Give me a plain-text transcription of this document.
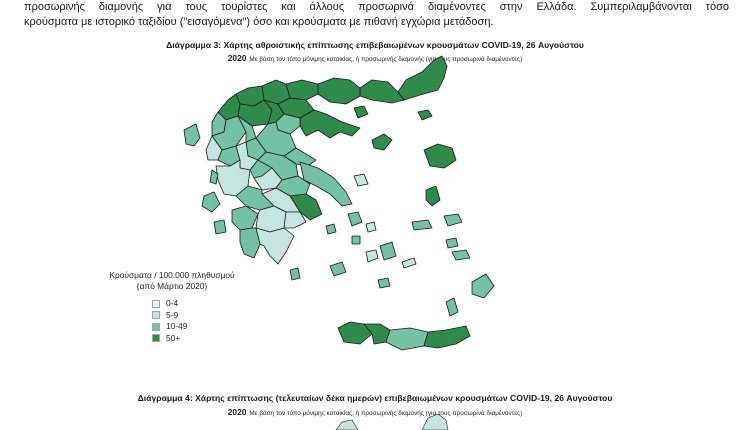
προσωρινής διαμονής για τους τουρίστες και άλλους προσωρινά διαμένοντες στην Ελλάδα. Συμπεριλαμβάνονται τόσο
κρούσματα με ιστορικό ταξιδίου ("εισαγόμενα") όσο και κρούσματα με πιθανή εγχώρια μετάδοση.
Διάγραμμα 3: Χάρτης αθροιστικής επίπτωσης επιβεβαιωμένων κρουσμάτων COVID-19, 26 Αυγούστου
2020 Με βάση τον τόπο μόνιμης κατοικίας, ή προσωρινής διαμονής (για τους προσωρινά διαμένοντες)
Κρούσματα / 100.000 πληθυσμού
(από Μάρτιο 2020)
0-4
5-9
10-49
50+
Διάγραμμα 4: Χάρτης επίπτωσης (τελευταίων δέκα ημερών) επιβεβαιωμένων κρουσμάτων COVID-19, 26 Αυγούστου
2020 Με βάση τον τόπο μόνιμης κατοικίας, ή προσωρινής διαμονής (για τους προσωρινά διαμένοντες)
